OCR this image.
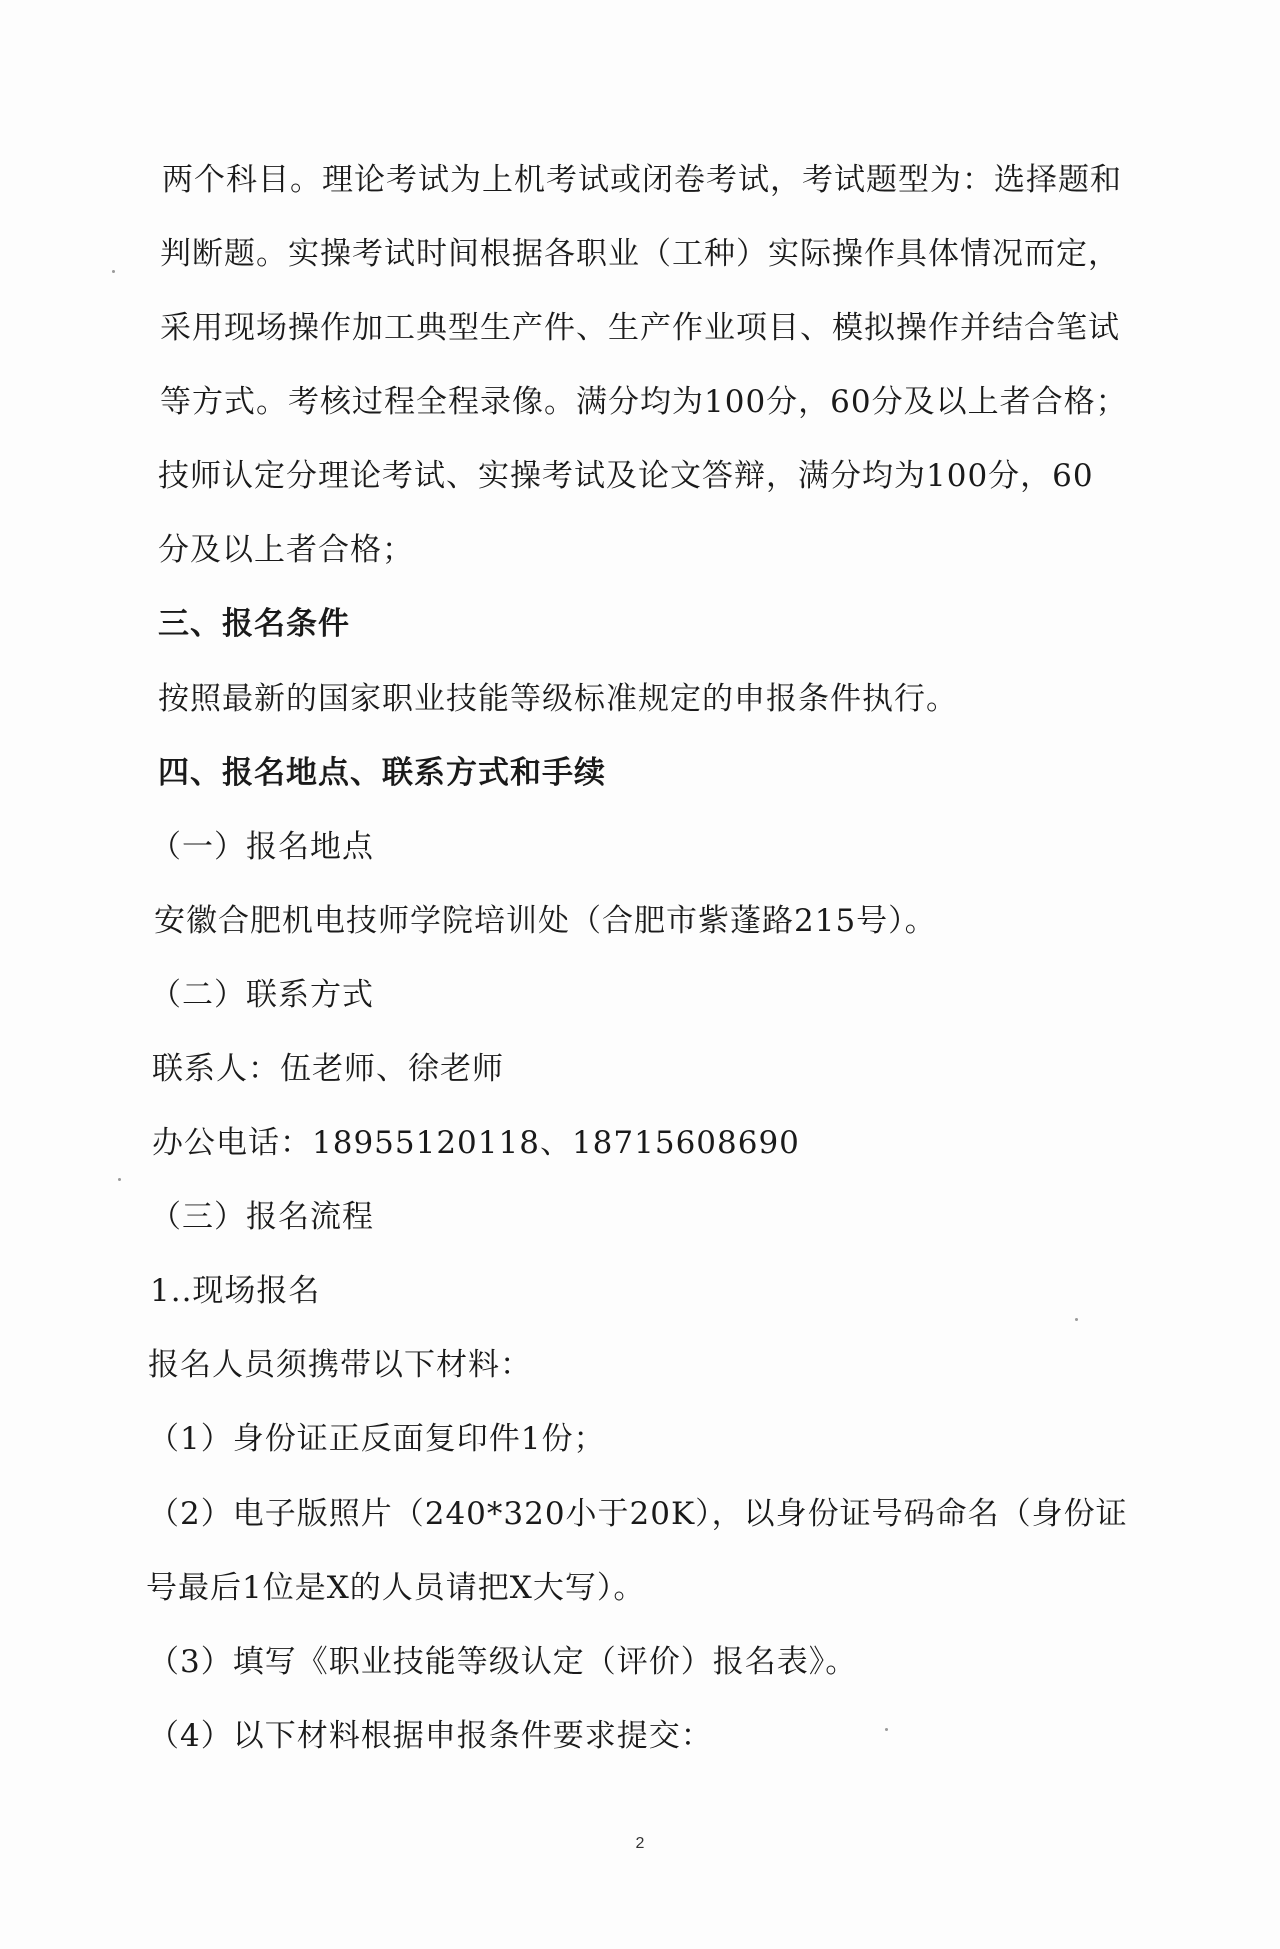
两个科目。理论考试为上机考试或闭卷考试，考试题型为：选择题和
判断题。实操考试时间根据各职业（工种）实际操作具体情况而定，
采用现场操作加工典型生产件、生产作业项目、模拟操作并结合笔试
等方式。考核过程全程录像。满分均为100分，60分及以上者合格；
技师认定分理论考试、实操考试及论文答辩，满分均为100分，60
分及以上者合格；
三、报名条件
按照最新的国家职业技能等级标准规定的申报条件执行。
四、报名地点、联系方式和手续
（一）报名地点
安徽合肥机电技师学院培训处（合肥市紫蓬路215号）。
（二）联系方式
联系人：伍老师、徐老师
办公电话：18955120118、18715608690
（三）报名流程
1..现场报名
报名人员须携带以下材料：
（1）身份证正反面复印件1份；
（2）电子版照片（240*320小于20K），以身份证号码命名（身份证
号最后1位是X的人员请把X大写）。
（3）填写《职业技能等级认定（评价）报名表》。
（4）以下材料根据申报条件要求提交：
2
